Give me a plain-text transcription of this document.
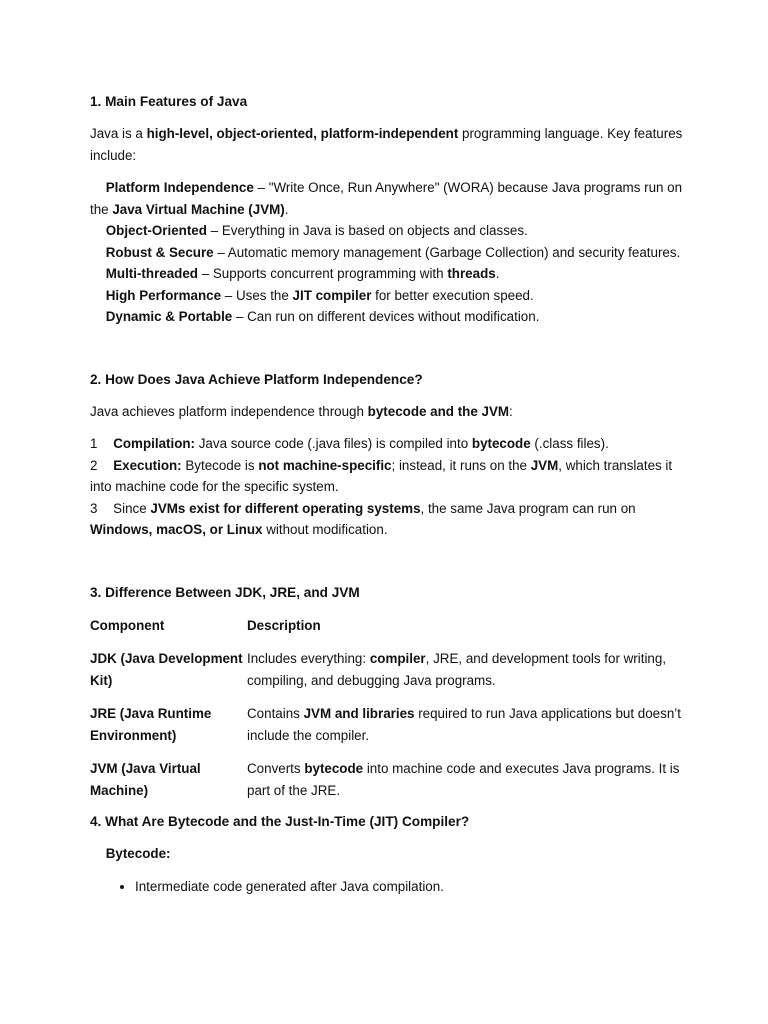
1. Main Features of Java

Java is a high-level, object-oriented, platform-independent programming language. Key features include:

Platform Independence – "Write Once, Run Anywhere" (WORA) because Java programs run on the Java Virtual Machine (JVM).

Object-Oriented – Everything in Java is based on objects and classes.

Robust & Secure – Automatic memory management (Garbage Collection) and security features.

Multi-threaded – Supports concurrent programming with threads.

High Performance – Uses the JIT compiler for better execution speed.

Dynamic & Portable – Can run on different devices without modification.

2. How Does Java Achieve Platform Independence?

Java achieves platform independence through bytecode and the JVM:

1 Compilation: Java source code (.java files) is compiled into bytecode (.class files).

2 Execution: Bytecode is not machine-specific; instead, it runs on the JVM, which translates it into machine code for the specific system.

3 Since JVMs exist for different operating systems, the same Java program can run on Windows, macOS, or Linux without modification.

3. Difference Between JDK, JRE, and JVM
Component	Description
JDK (Java Development Kit)
Includes everything: compiler, JRE, and development tools for writing, compiling, and debugging Java programs.
JRE (Java Runtime Environment)
Contains JVM and libraries required to run Java applications but doesn’t include the compiler.
JVM (Java Virtual Machine)
Converts bytecode into machine code and executes Java programs. It is part of the JRE.
4. What Are Bytecode and the Just-In-Time (JIT) Compiler?

Bytecode:

• Intermediate code generated after Java compilation.
